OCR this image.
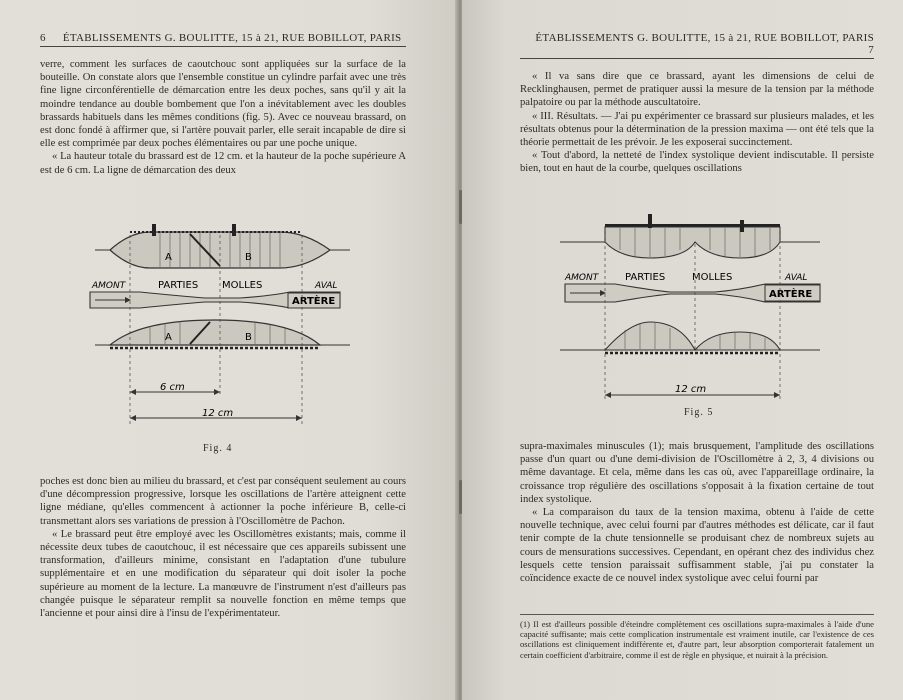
6 ÉTABLISSEMENTS G. BOULITTE, 15 à 21, RUE BOBILLOT, PARIS

verre, comment les surfaces de caoutchouc sont appliquées sur la surface de la bouteille. On constate alors que l'ensemble constitue un cylindre parfait avec une très fine ligne circonférentielle de démarcation entre les deux poches, sans qu'il y ait la moindre tendance au double bombement que l'on a inévitablement avec les doubles brassards habituels dans les mêmes conditions (fig. 5). Avec ce nouveau brassard, on est donc fondé à affirmer que, si l'artère pouvait parler, elle serait incapable de dire si elle est comprimée par deux poches élémentaires ou par une poche unique.

« La hauteur totale du brassard est de 12 cm. et la hauteur de la poche supérieure A est de 6 cm. La ligne de démarcation des deux

A	B
AMONT	PARTIES MOLLES	AVAL
ARTÈRE
A	B
6 cm
12 cm
Fig. 4

poches est donc bien au milieu du brassard, et c'est par conséquent seulement au cours d'une décompression progressive, lorsque les oscillations de l'artère atteignent cette ligne médiane, qu'elles commencent à actionner la poche inférieure B, celle-ci transmettant alors ses variations de pression à l'Oscillomètre de Pachon.

« Le brassard peut être employé avec les Oscillomètres existants; mais, comme il nécessite deux tubes de caoutchouc, il est nécessaire que ces appareils subissent une transformation, d'ailleurs minime, consistant en l'adaptation d'une tubulure supplémentaire et en une modification du séparateur qui doit isoler la poche supérieure au moment de la lecture. La manœuvre de l'instrument n'est d'ailleurs pas changée puisque le séparateur remplit sa nouvelle fonction en même temps que l'ancienne et pour ainsi dire à l'insu de l'expérimentateur.

ÉTABLISSEMENTS G. BOULITTE, 15 à 21, RUE BOBILLOT, PARIS 7

« Il va sans dire que ce brassard, ayant les dimensions de celui de Recklinghausen, permet de pratiquer aussi la mesure de la tension par la méthode palpatoire ou par la méthode auscultatoire.

« III. Résultats. — J'ai pu expérimenter ce brassard sur plusieurs malades, et les résultats obtenus pour la détermination de la pression maxima — ont été tels que la théorie permettait de les prévoir. Je les exposerai succinctement.

« Tout d'abord, la netteté de l'index systolique devient indiscutable. Il persiste bien, tout en haut de la courbe, quelques oscillations

AMONT	PARTIES	MOLLES	AVAL
ARTÈRE
12 cm
Fig. 5

supra-maximales minuscules (1); mais brusquement, l'amplitude des oscillations passe d'un quart ou d'une demi-division de l'Oscillomètre à 2, 3, 4 divisions ou même davantage. Et cela, même dans les cas où, avec l'appareillage ordinaire, la croissance trop régulière des oscillations s'opposait à la fixation certaine de tout index systolique.

« La comparaison du taux de la tension maxima, obtenu à l'aide de cette nouvelle technique, avec celui fourni par d'autres méthodes est délicate, car il faut tenir compte de la chute tensionnelle se produisant chez de nombreux sujets au cours de mensurations successives. Cependant, en opérant chez des individus chez lesquels cette tension paraissait suffisamment stable, j'ai pu constater la coïncidence exacte de ce nouvel index systolique avec celui fourni par

(1) Il est d'ailleurs possible d'éteindre complètement ces oscillations supra-maximales à l'aide d'une capacité suffisante; mais cette complication instrumentale est vraiment inutile, car l'existence de ces oscillations est cliniquement indifférente et, d'autre part, leur absorption comporterait fatalement un certain coefficient d'arbitraire, comme il est de règle en physique, et nuirait à la précision.
